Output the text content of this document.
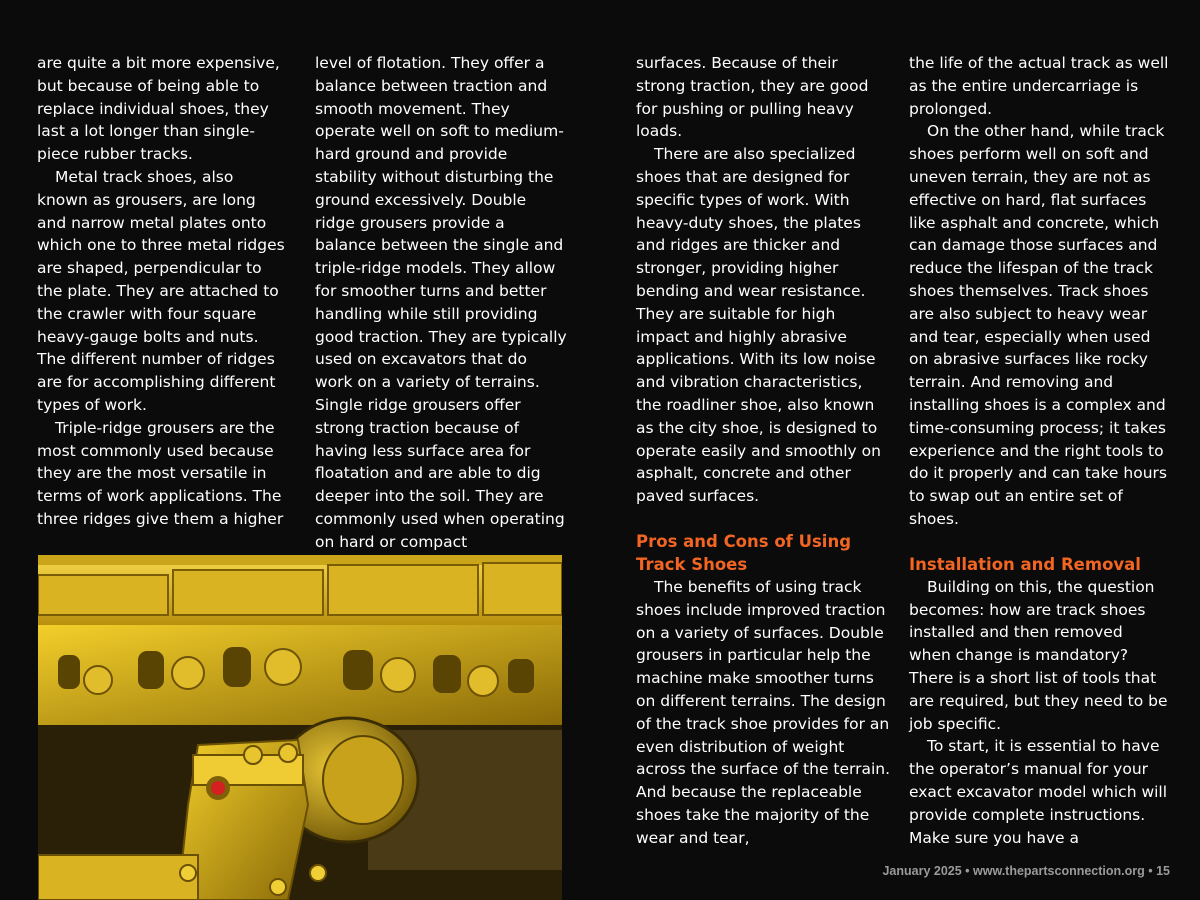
are quite a bit more expensive, but because of being able to replace individual shoes, they last a lot longer than single-piece rubber tracks.

Metal track shoes, also known as grousers, are long and narrow metal plates onto which one to three metal ridges are shaped, perpendicular to the plate. They are attached to the crawler with four square heavy-gauge bolts and nuts. The different number of ridges are for accomplishing different types of work.

Triple-ridge grousers are the most commonly used because they are the most versatile in terms of work applications. The three ridges give them a higher

level of flotation. They offer a balance between traction and smooth movement. They operate well on soft to medium-hard ground and provide stability without disturbing the ground excessively. Double ridge grousers provide a balance between the single and triple-ridge models. They allow for smoother turns and better handling while still providing good traction. They are typically used on excavators that do work on a variety of terrains. Single ridge grousers offer strong traction because of having less surface area for floatation and are able to dig deeper into the soil. They are commonly used when operating on hard or compact

surfaces. Because of their strong traction, they are good for pushing or pulling heavy loads.

There are also specialized shoes that are designed for specific types of work. With heavy-duty shoes, the plates and ridges are thicker and stronger, providing higher bending and wear resistance. They are suitable for high impact and highly abrasive applications. With its low noise and vibration characteristics, the roadliner shoe, also known as the city shoe, is designed to operate easily and smoothly on asphalt, concrete and other paved surfaces.

Pros and Cons of Using Track Shoes

The benefits of using track shoes include improved traction on a variety of surfaces. Double grousers in particular help the machine make smoother turns on different terrains. The design of the track shoe provides for an even distribution of weight across the surface of the terrain. And because the replaceable shoes take the majority of the wear and tear,

the life of the actual track as well as the entire undercarriage is prolonged.

On the other hand, while track shoes perform well on soft and uneven terrain, they are not as effective on hard, flat surfaces like asphalt and concrete, which can damage those surfaces and reduce the lifespan of the track shoes themselves. Track shoes are also subject to heavy wear and tear, especially when used on abrasive surfaces like rocky terrain. And removing and installing shoes is a complex and time-consuming process; it takes experience and the right tools to do it properly and can take hours to swap out an entire set of shoes.

Installation and Removal

Building on this, the question becomes: how are track shoes installed and then removed when change is mandatory? There is a short list of tools that are required, but they need to be job specific.

To start, it is essential to have the operator’s manual for your exact excavator model which will provide complete instructions. Make sure you have a

January 2025 • www.thepartsconnection.org • 15
